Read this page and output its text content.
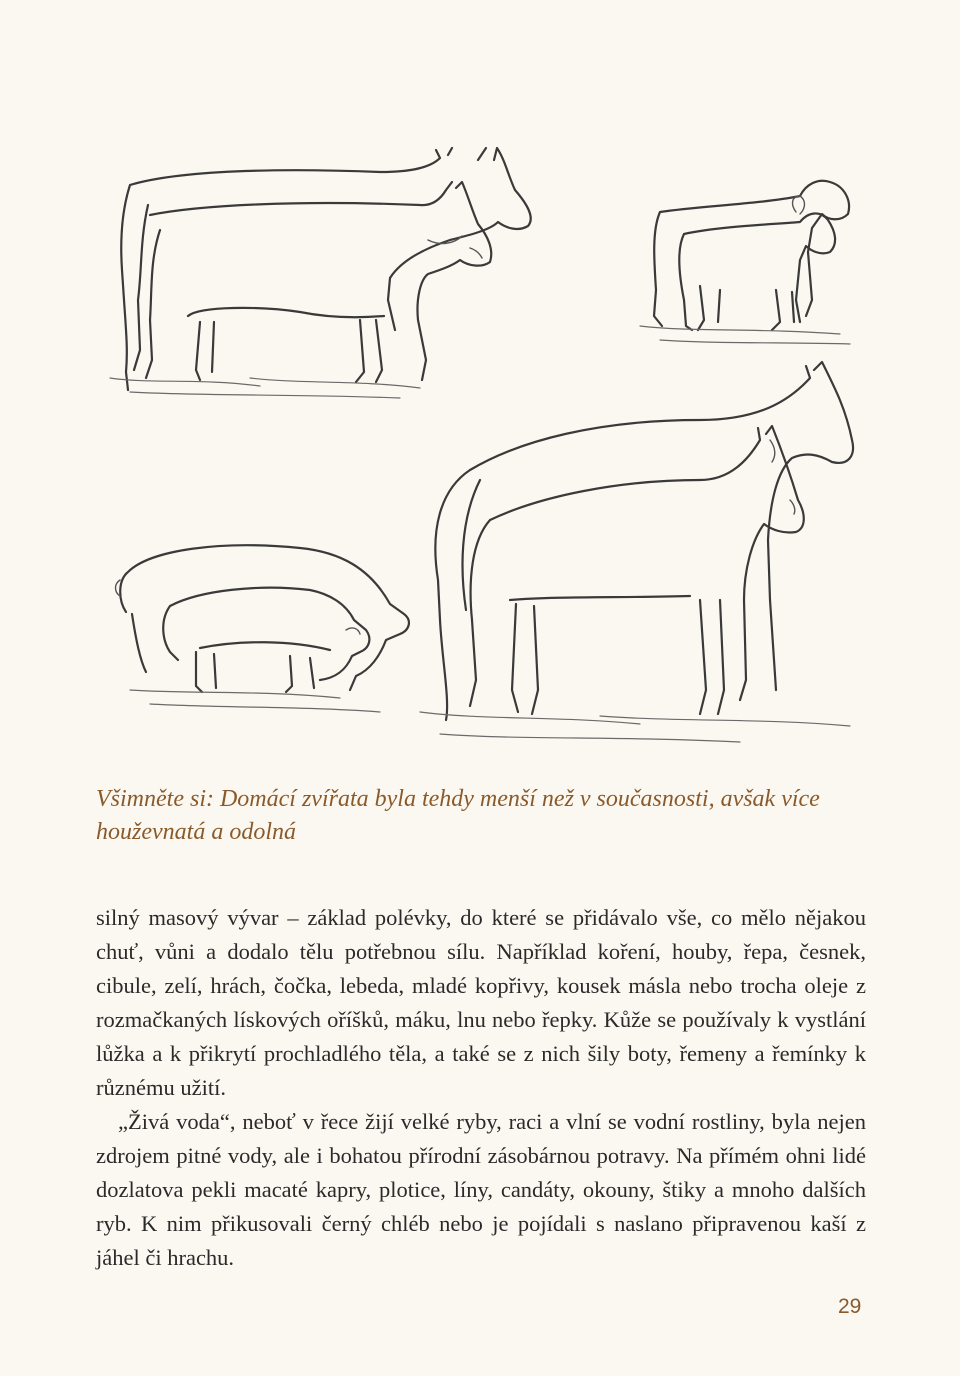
Všimněte si: Domácí zvířata byla tehdy menší než v současnosti, avšak více houževnatá a odolná

silný masový vývar – základ polévky, do které se přidávalo vše, co mělo nějakou chuť, vůni a dodalo tělu potřebnou sílu. Například koření, houby, řepa, česnek, cibule, zelí, hrách, čočka, lebeda, mladé kopřivy, kousek másla nebo trocha oleje z rozmačkaných lískových oříšků, máku, lnu nebo řepky. Kůže se používaly k vystlání lůžka a k přikrytí prochladlého těla, a také se z nich šily boty, řemeny a řemínky k různému užití.

„Živá voda“, neboť v řece žijí velké ryby, raci a vlní se vodní rostliny, byla nejen zdrojem pitné vody, ale i bohatou přírodní zásobárnou potravy. Na přímém ohni lidé dozlatova pekli macaté kapry, plotice, líny, candáty, okouny, štiky a mnoho dalších ryb. K nim přikusovali černý chléb nebo je pojídali s naslano připravenou kaší z jáhel či hrachu.

29
